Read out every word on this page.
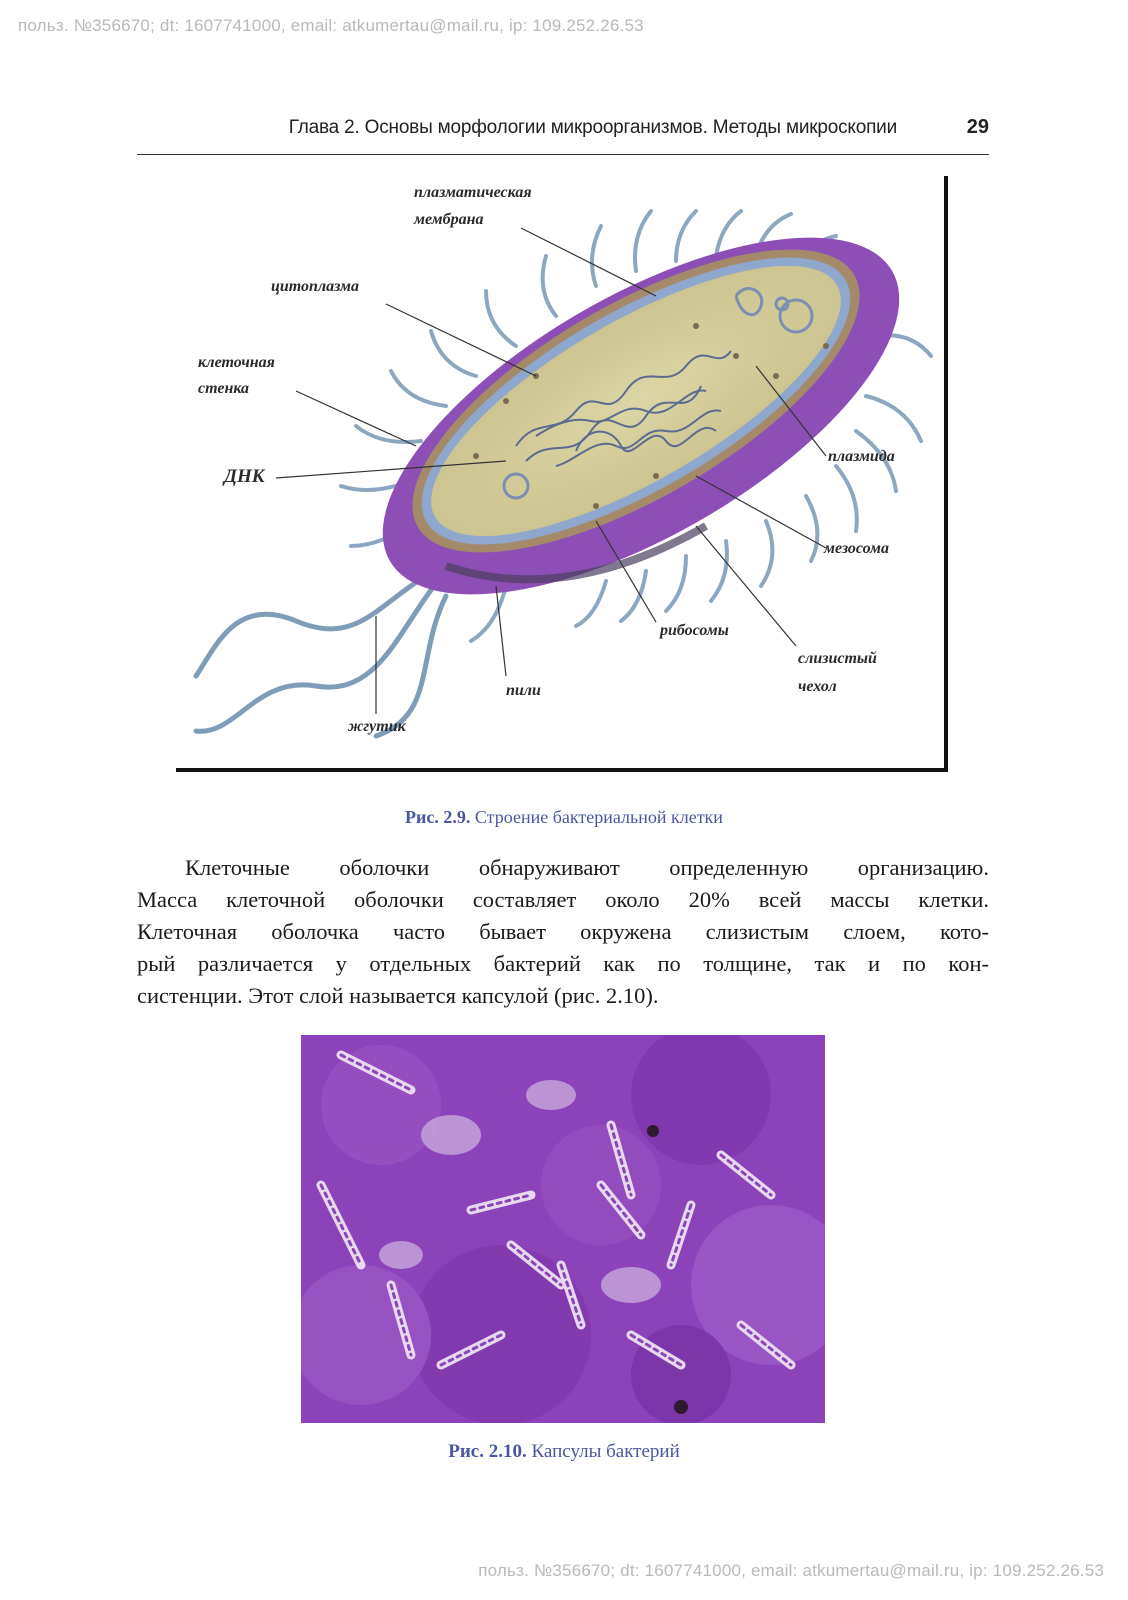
польз. №356670; dt: 1607741000, email: atkumertau@mail.ru, ip: 109.252.26.53
Глава 2. Основы морфологии микроорганизмов. Методы микроскопии	29
плазматическая
мембрана
цитоплазма
клеточная
стенка
ДНК
плазмида
мезосома
рибосомы
слизистый
чехол
пили
жгутик
Рис. 2.9. Строение бактериальной клетки
Клеточные оболочки обнаруживают определенную организацию.
Масса клеточной оболочки составляет около 20% всей массы клетки.
Клеточная оболочка часто бывает окружена слизистым слоем, кото-
рый различается у отдельных бактерий как по толщине, так и по кон-
систенции. Этот слой называется капсулой (рис. 2.10).
Рис. 2.10. Капсулы бактерий
польз. №356670; dt: 1607741000, email: atkumertau@mail.ru, ip: 109.252.26.53
